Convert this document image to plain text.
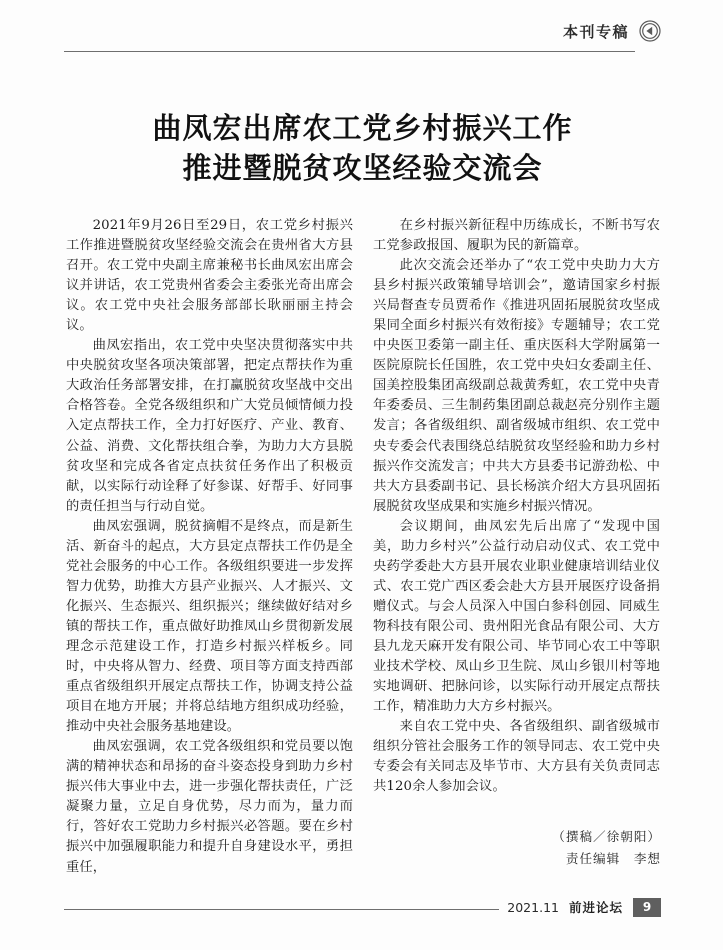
本刊专稿
曲凤宏出席农工党乡村振兴工作
推进暨脱贫攻坚经验交流会

2021年9月26日至29日，农工党乡村振兴工作推进暨脱贫攻坚经验交流会在贵州省大方县召开。农工党中央副主席兼秘书长曲凤宏出席会议并讲话，农工党贵州省委会主委张光奇出席会议。农工党中央社会服务部部长耿丽丽主持会议。

曲凤宏指出，农工党中央坚决贯彻落实中共中央脱贫攻坚各项决策部署，把定点帮扶作为重大政治任务部署安排，在打赢脱贫攻坚战中交出合格答卷。全党各级组织和广大党员倾情倾力投入定点帮扶工作，全力打好医疗、产业、教育、公益、消费、文化帮扶组合拳，为助力大方县脱贫攻坚和完成各省定点扶贫任务作出了积极贡献，以实际行动诠释了好参谋、好帮手、好同事的责任担当与行动自觉。

曲凤宏强调，脱贫摘帽不是终点，而是新生活、新奋斗的起点，大方县定点帮扶工作仍是全党社会服务的中心工作。各级组织要进一步发挥智力优势，助推大方县产业振兴、人才振兴、文化振兴、生态振兴、组织振兴；继续做好结对乡镇的帮扶工作，重点做好助推凤山乡贯彻新发展理念示范建设工作，打造乡村振兴样板乡。同时，中央将从智力、经费、项目等方面支持西部重点省级组织开展定点帮扶工作，协调支持公益项目在地方开展；并将总结地方组织成功经验，推动中央社会服务基地建设。

曲凤宏强调，农工党各级组织和党员要以饱满的精神状态和昂扬的奋斗姿态投身到助力乡村振兴伟大事业中去，进一步强化帮扶责任，广泛凝聚力量，立足自身优势，尽力而为，量力而行，答好农工党助力乡村振兴必答题。要在乡村振兴中加强履职能力和提升自身建设水平，勇担重任，

在乡村振兴新征程中历练成长，不断书写农工党参政报国、履职为民的新篇章。

此次交流会还举办了“农工党中央助力大方县乡村振兴政策辅导培训会”，邀请国家乡村振兴局督查专员贾希作《推进巩固拓展脱贫攻坚成果同全面乡村振兴有效衔接》专题辅导；农工党中央医卫委第一副主任、重庆医科大学附属第一医院原院长任国胜，农工党中央妇女委副主任、国美控股集团高级副总裁黄秀虹，农工党中央青年委委员、三生制药集团副总裁赵亮分别作主题发言；各省级组织、副省级城市组织、农工党中央专委会代表围绕总结脱贫攻坚经验和助力乡村振兴作交流发言；中共大方县委书记游劲松、中共大方县委副书记、县长杨滨介绍大方县巩固拓展脱贫攻坚成果和实施乡村振兴情况。

会议期间，曲凤宏先后出席了“发现中国美，助力乡村兴”公益行动启动仪式、农工党中央药学委赴大方县开展农业职业健康培训结业仪式、农工党广西区委会赴大方县开展医疗设备捐赠仪式。与会人员深入中国白参科创园、同威生物科技有限公司、贵州阳光食品有限公司、大方县九龙天麻开发有限公司、毕节同心农工中等职业技术学校、凤山乡卫生院、凤山乡银川村等地实地调研、把脉问诊，以实际行动开展定点帮扶工作，精准助力大方乡村振兴。

来自农工党中央、各省级组织、副省级城市组织分管社会服务工作的领导同志、农工党中央专委会有关同志及毕节市、大方县有关负责同志共120余人参加会议。

（撰稿／徐朝阳）
责任编辑　李想
2021.11 前进论坛	9
